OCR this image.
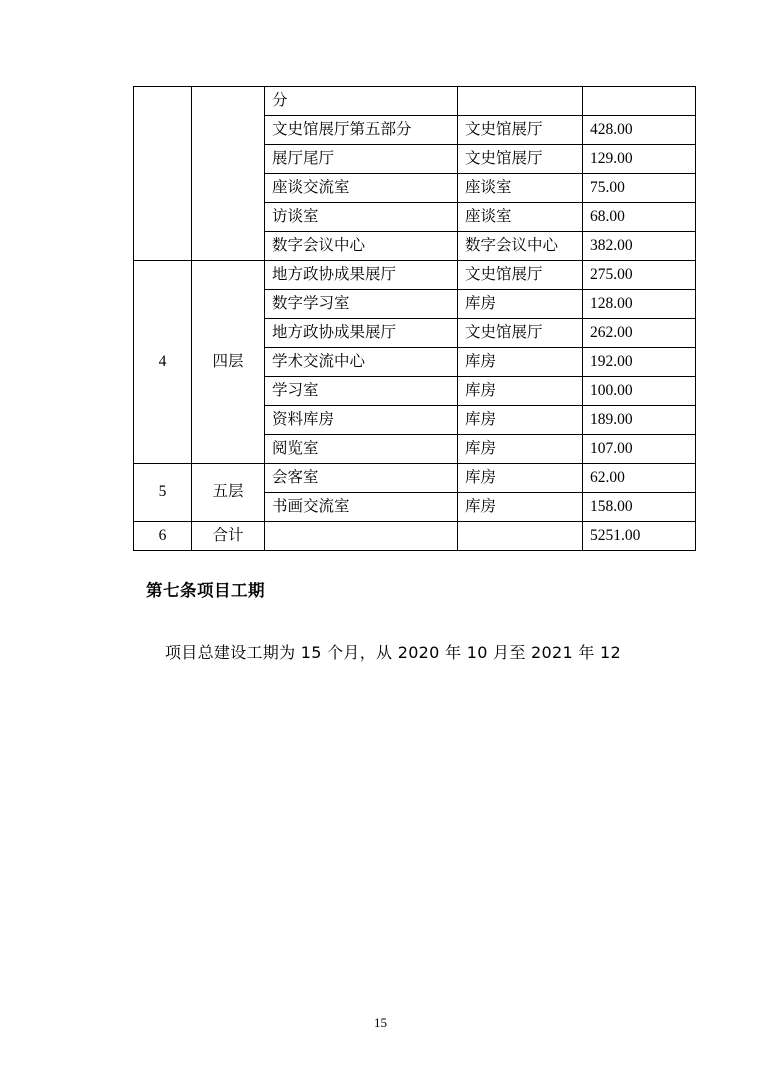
		分		
		文史馆展厅第五部分	文史馆展厅	428.00
		展厅尾厅	文史馆展厅	129.00
		座谈交流室	座谈室	75.00
		访谈室	座谈室	68.00
		数字会议中心	数字会议中心	382.00
4	四层	地方政协成果展厅	文史馆展厅	275.00
		数字学习室	库房	128.00
		地方政协成果展厅	文史馆展厅	262.00
		学术交流中心	库房	192.00
		学习室	库房	100.00
		资料库房	库房	189.00
		阅览室	库房	107.00
5	五层	会客室	库房	62.00
		书画交流室	库房	158.00
6	合计			5251.00
第七条项目工期
项目总建设工期为 15 个月，从 2020 年 10 月至 2021 年 12
15
